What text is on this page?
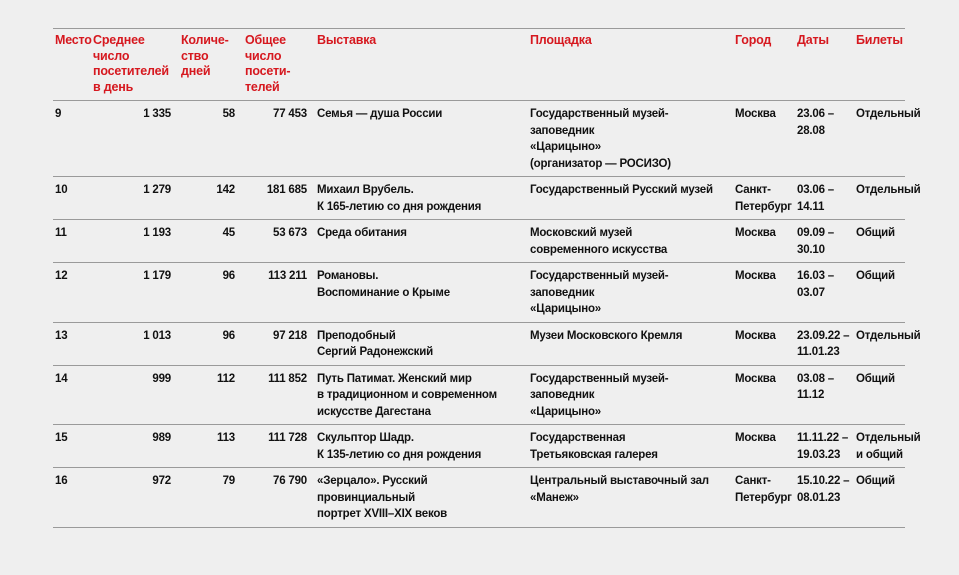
Место	Среднее
число
посетителей
в день	Количе-
ство
дней	Общее
число
посети-
телей	Выставка	Площадка	Город	Даты	Билеты
9	1 335	58	77 453	Семья — душа России	Государственный музей-заповедник
«Царицыно»
(организатор — РОСИЗО)	Москва	23.06 –
28.08	Отдельный
10	1 279	142	181 685	Михаил Врубель.
К 165-летию со дня рождения	Государственный Русский музей	Санкт-
Петербург	03.06 –
14.11	Отдельный
11	1 193	45	53 673	Среда обитания	Московский музей
современного искусства	Москва	09.09 –
30.10	Общий
12	1 179	96	113 211	Романовы.
Воспоминание о Крыме	Государственный музей-заповедник
«Царицыно»	Москва	16.03 –
03.07	Общий
13	1 013	96	97 218	Преподобный
Сергий Радонежский	Музеи Московского Кремля	Москва	23.09.22 –
11.01.23	Отдельный
14	999	112	111 852	Путь Патимат. Женский мир
в традиционном и современном
искусстве Дагестана	Государственный музей-заповедник
«Царицыно»	Москва	03.08 –
11.12	Общий
15	989	113	111 728	Скульптор Шадр.
К 135-летию со дня рождения	Государственная
Третьяковская галерея	Москва	11.11.22 –
19.03.23	Отдельный
и общий
16	972	79	76 790	«Зерцало». Русский провинциальный
портрет XVIII–XIX веков	Центральный выставочный зал
«Манеж»	Санкт-
Петербург	15.10.22 –
08.01.23	Общий
